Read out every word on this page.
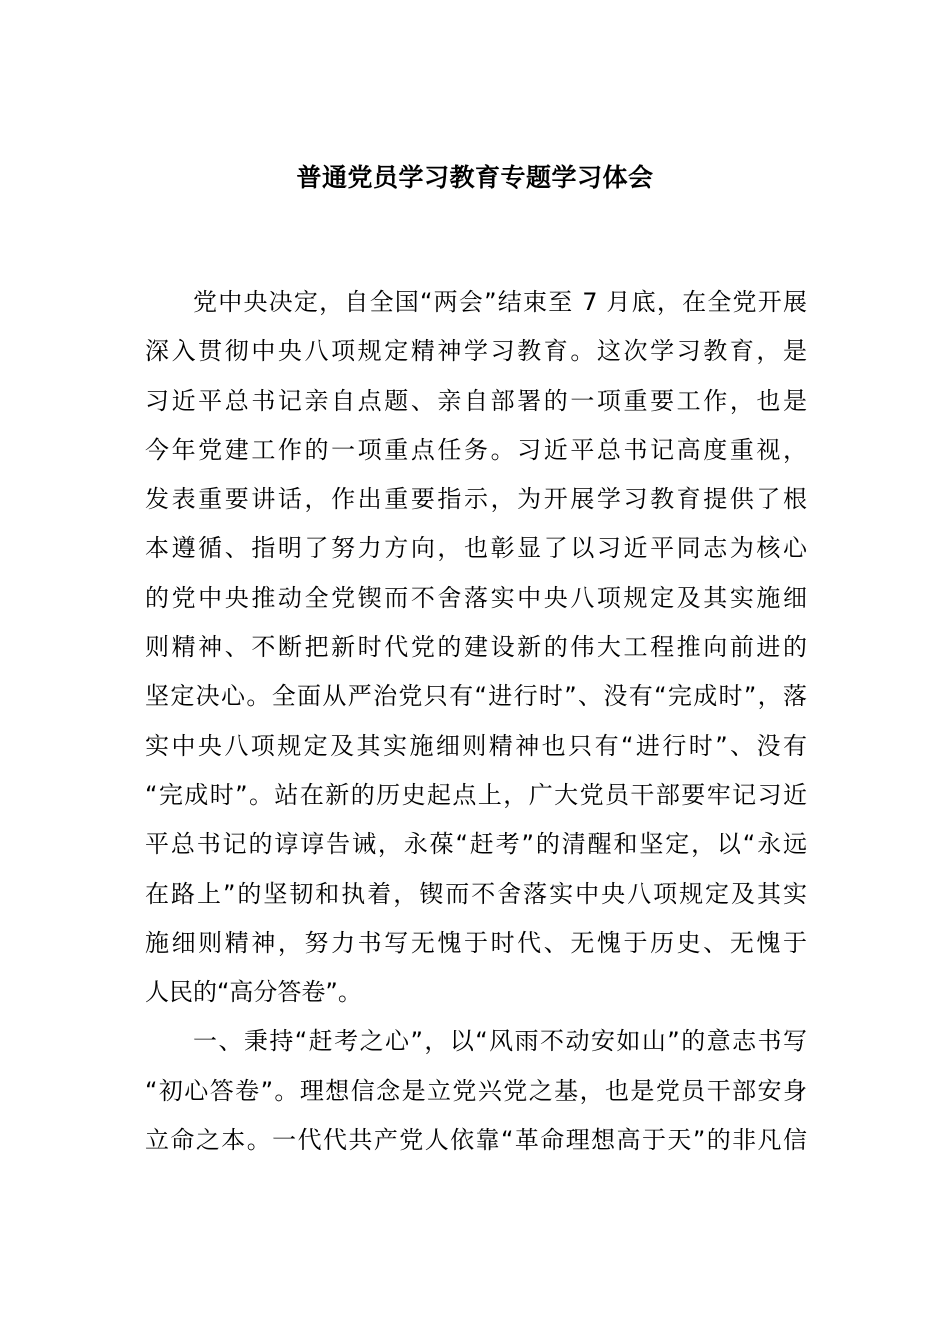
普通党员学习教育专题学习体会
党中央决定，自全国“两会”结束至 7 月底，在全党开展
深入贯彻中央八项规定精神学习教育。这次学习教育，是
习近平总书记亲自点题、亲自部署的一项重要工作，也是
今年党建工作的一项重点任务。习近平总书记高度重视，
发表重要讲话，作出重要指示，为开展学习教育提供了根
本遵循、指明了努力方向，也彰显了以习近平同志为核心
的党中央推动全党锲而不舍落实中央八项规定及其实施细
则精神、不断把新时代党的建设新的伟大工程推向前进的
坚定决心。全面从严治党只有“进行时”、没有“完成时”，落
实中央八项规定及其实施细则精神也只有“进行时”、没有
“完成时”。站在新的历史起点上，广大党员干部要牢记习近
平总书记的谆谆告诫，永葆“赶考”的清醒和坚定，以“永远
在路上”的坚韧和执着，锲而不舍落实中央八项规定及其实
施细则精神，努力书写无愧于时代、无愧于历史、无愧于
人民的“高分答卷”。
一、秉持“赶考之心”，以“风雨不动安如山”的意志书写
“初心答卷”。理想信念是立党兴党之基，也是党员干部安身
立命之本。一代代共产党人依靠“革命理想高于天”的非凡信
